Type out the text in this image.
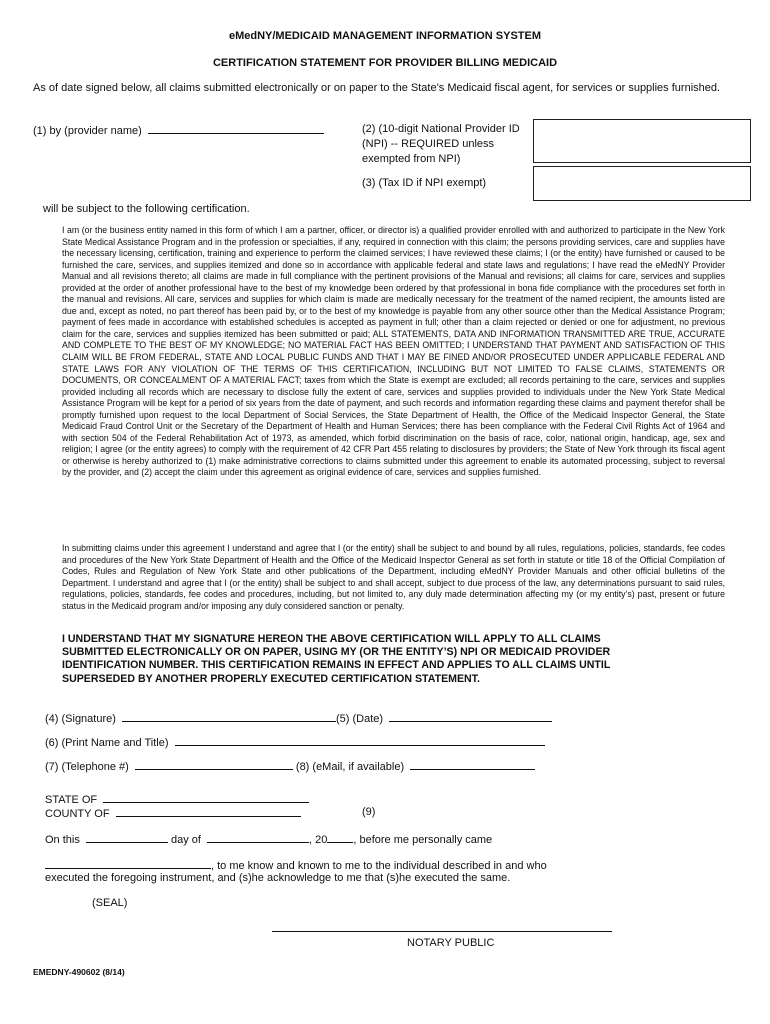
eMedNY/MEDICAID MANAGEMENT INFORMATION SYSTEM
CERTIFICATION STATEMENT FOR PROVIDER BILLING MEDICAID
As of date signed below, all claims submitted electronically or on paper to the State’s Medicaid fiscal agent, for services or supplies furnished.
(1) by (provider name)	(2) (10-digit National Provider ID (NPI) -- REQUIRED unless exempted from NPI)
(3) (Tax ID if NPI exempt)
will be subject to the following certification.
I am (or the business entity named in this form of which I am a partner, officer, or director is) a qualified provider enrolled with and authorized to participate in the New York State Medical Assistance Program and in the profession or specialties, if any, required in connection with this claim; the persons providing services, care and supplies have the necessary licensing, certification, training and experience to perform the claimed services; I have reviewed these claims; I (or the entity) have furnished or caused to be furnished the care, services, and supplies itemized and done so in accordance with applicable federal and state laws and regulations; I have read the eMedNY Provider Manual and all revisions thereto; all claims are made in full compliance with the pertinent provisions of the Manual and revisions; all claims for care, services and supplies provided at the order of another professional have to the best of my knowledge been ordered by that professional in bona fide compliance with the procedures set forth in the manual and revisions. All care, services and supplies for which claim is made are medically necessary for the treatment of the named recipient, the amounts listed are due and, except as noted, no part thereof has been paid by, or to the best of my knowledge is payable from any other source other than the Medical Assistance Program; payment of fees made in accordance with established schedules is accepted as payment in full; other than a claim rejected or denied or one for adjustment, no previous claim for the care, services and supplies itemized has been submitted or paid; ALL STATEMENTS, DATA AND INFORMATION TRANSMITTED ARE TRUE, ACCURATE AND COMPLETE TO THE BEST OF MY KNOWLEDGE; NO MATERIAL FACT HAS BEEN OMITTED; I UNDERSTAND THAT PAYMENT AND SATISFACTION OF THIS CLAIM WILL BE FROM FEDERAL, STATE AND LOCAL PUBLIC FUNDS AND THAT I MAY BE FINED AND/OR PROSECUTED UNDER APPLICABLE FEDERAL AND STATE LAWS FOR ANY VIOLATION OF THE TERMS OF THIS CERTIFICATION, INCLUDING BUT NOT LIMITED TO FALSE CLAIMS, STATEMENTS OR DOCUMENTS, OR CONCEALMENT OF A MATERIAL FACT; taxes from which the State is exempt are excluded; all records pertaining to the care, services and supplies provided including all records which are necessary to disclose fully the extent of care, services and supplies provided to individuals under the New York State Medical Assistance Program will be kept for a period of six years from the date of payment, and such records and information regarding these claims and payment therefor shall be promptly furnished upon request to the local Department of Social Services, the State Department of Health, the Office of the Medicaid Inspector General, the State Medicaid Fraud Control Unit or the Secretary of the Department of Health and Human Services; there has been compliance with the Federal Civil Rights Act of 1964 and with section 504 of the Federal Rehabilitation Act of 1973, as amended, which forbid discrimination on the basis of race, color, national origin, handicap, age, sex and religion; I agree (or the entity agrees) to comply with the requirement of 42 CFR Part 455 relating to disclosures by providers; the State of New York through its fiscal agent or otherwise is hereby authorized to (1) make administrative corrections to claims submitted under this agreement to enable its automated processing, subject to reversal by the provider, and (2) accept the claim under this agreement as original evidence of care, services and supplies furnished.
In submitting claims under this agreement I understand and agree that I (or the entity) shall be subject to and bound by all rules, regulations, policies, standards, fee codes and procedures of the New York State Department of Health and the Office of the Medicaid Inspector General as set forth in statute or title 18 of the Official Compilation of Codes, Rules and Regulation of New York State and other publications of the Department, including eMedNY Provider Manuals and other official bulletins of the Department. I understand and agree that I (or the entity) shall be subject to and shall accept, subject to due process of the law, any determinations pursuant to said rules, regulations, policies, standards, fee codes and procedures, including, but not limited to, any duly made determination affecting my (or my entity’s) past, present or future status in the Medicaid program and/or imposing any duly considered sanction or penalty.
I UNDERSTAND THAT MY SIGNATURE HEREON THE ABOVE CERTIFICATION WILL APPLY TO ALL CLAIMS SUBMITTED ELECTRONICALLY OR ON PAPER, USING MY (OR THE ENTITY’S) NPI OR MEDICAID PROVIDER IDENTIFICATION NUMBER. THIS CERTIFICATION REMAINS IN EFFECT AND APPLIES TO ALL CLAIMS UNTIL SUPERSEDED BY ANOTHER PROPERLY EXECUTED CERTIFICATION STATEMENT.
(4) (Signature)	(5) (Date)
(6) (Print Name and Title)
(7) (Telephone #)	(8) (eMail, if available)
STATE OF
COUNTY OF	(9)
On this	day of	, 20 , before me personally came
, to me know and known to me to the individual described in and who
executed the foregoing instrument, and (s)he acknowledge to me that (s)he executed the same.
(SEAL)
NOTARY PUBLIC
EMEDNY-490602 (8/14)
